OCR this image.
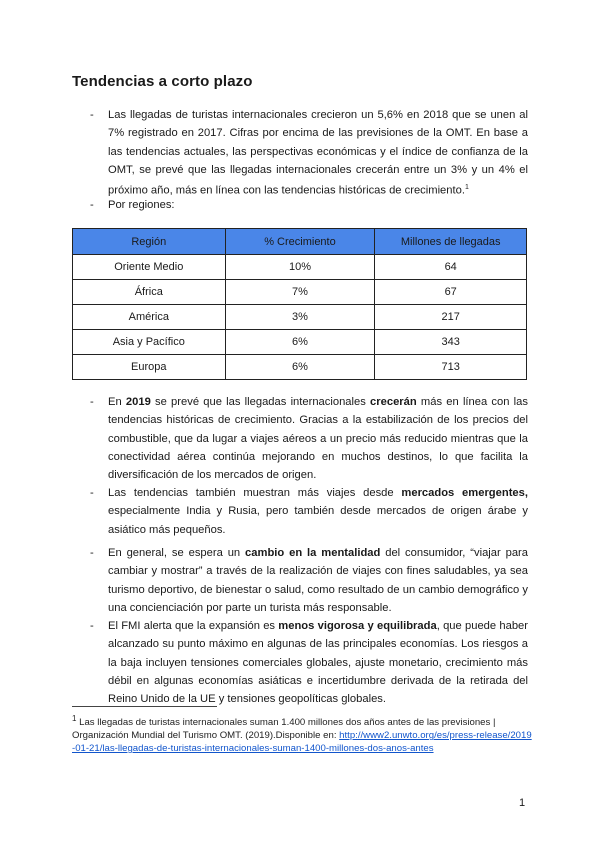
Tendencias a corto plazo
- Las llegadas de turistas internacionales crecieron un 5,6% en 2018 que se unen al 7% registrado en 2017. Cifras por encima de las previsiones de la OMT. En base a las tendencias actuales, las perspectivas económicas y el índice de confianza de la OMT, se prevé que las llegadas internacionales crecerán entre un 3% y un 4% el próximo año, más en línea con las tendencias históricas de crecimiento.$^1$
- Por regiones:
Región	% Crecimiento	Millones de llegadas
Oriente Medio	10%	64
África	7%	67
América	3%	217
Asia y Pacífico	6%	343
Europa	6%	713
- En 2019 se prevé que las llegadas internacionales crecerán más en línea con las tendencias históricas de crecimiento. Gracias a la estabilización de los precios del combustible, que da lugar a viajes aéreos a un precio más reducido mientras que la conectividad aérea continúa mejorando en muchos destinos, lo que facilita la diversificación de los mercados de origen.
- Las tendencias también muestran más viajes desde mercados emergentes, especialmente India y Rusia, pero también desde mercados de origen árabe y asiático más pequeños.
- En general, se espera un cambio en la mentalidad del consumidor, “viajar para cambiar y mostrar” a través de la realización de viajes con fines saludables, ya sea turismo deportivo, de bienestar o salud, como resultado de un cambio demográfico y una concienciación por parte un turista más responsable.
- El FMI alerta que la expansión es menos vigorosa y equilibrada, que puede haber alcanzado su punto máximo en algunas de las principales economías. Los riesgos a la baja incluyen tensiones comerciales globales, ajuste monetario, crecimiento más débil en algunas economías asiáticas e incertidumbre derivada de la retirada del Reino Unido de la UE y tensiones geopolíticas globales.
$^1$ Las llegadas de turistas internacionales suman 1.400 millones dos años antes de las previsiones | Organización Mundial del Turismo OMT. (2019).Disponible en: http://www2.unwto.org/es/press-release/2019-01-21/las-llegadas-de-turistas-internacionales-suman-1400-millones-dos-anos-antes
1
